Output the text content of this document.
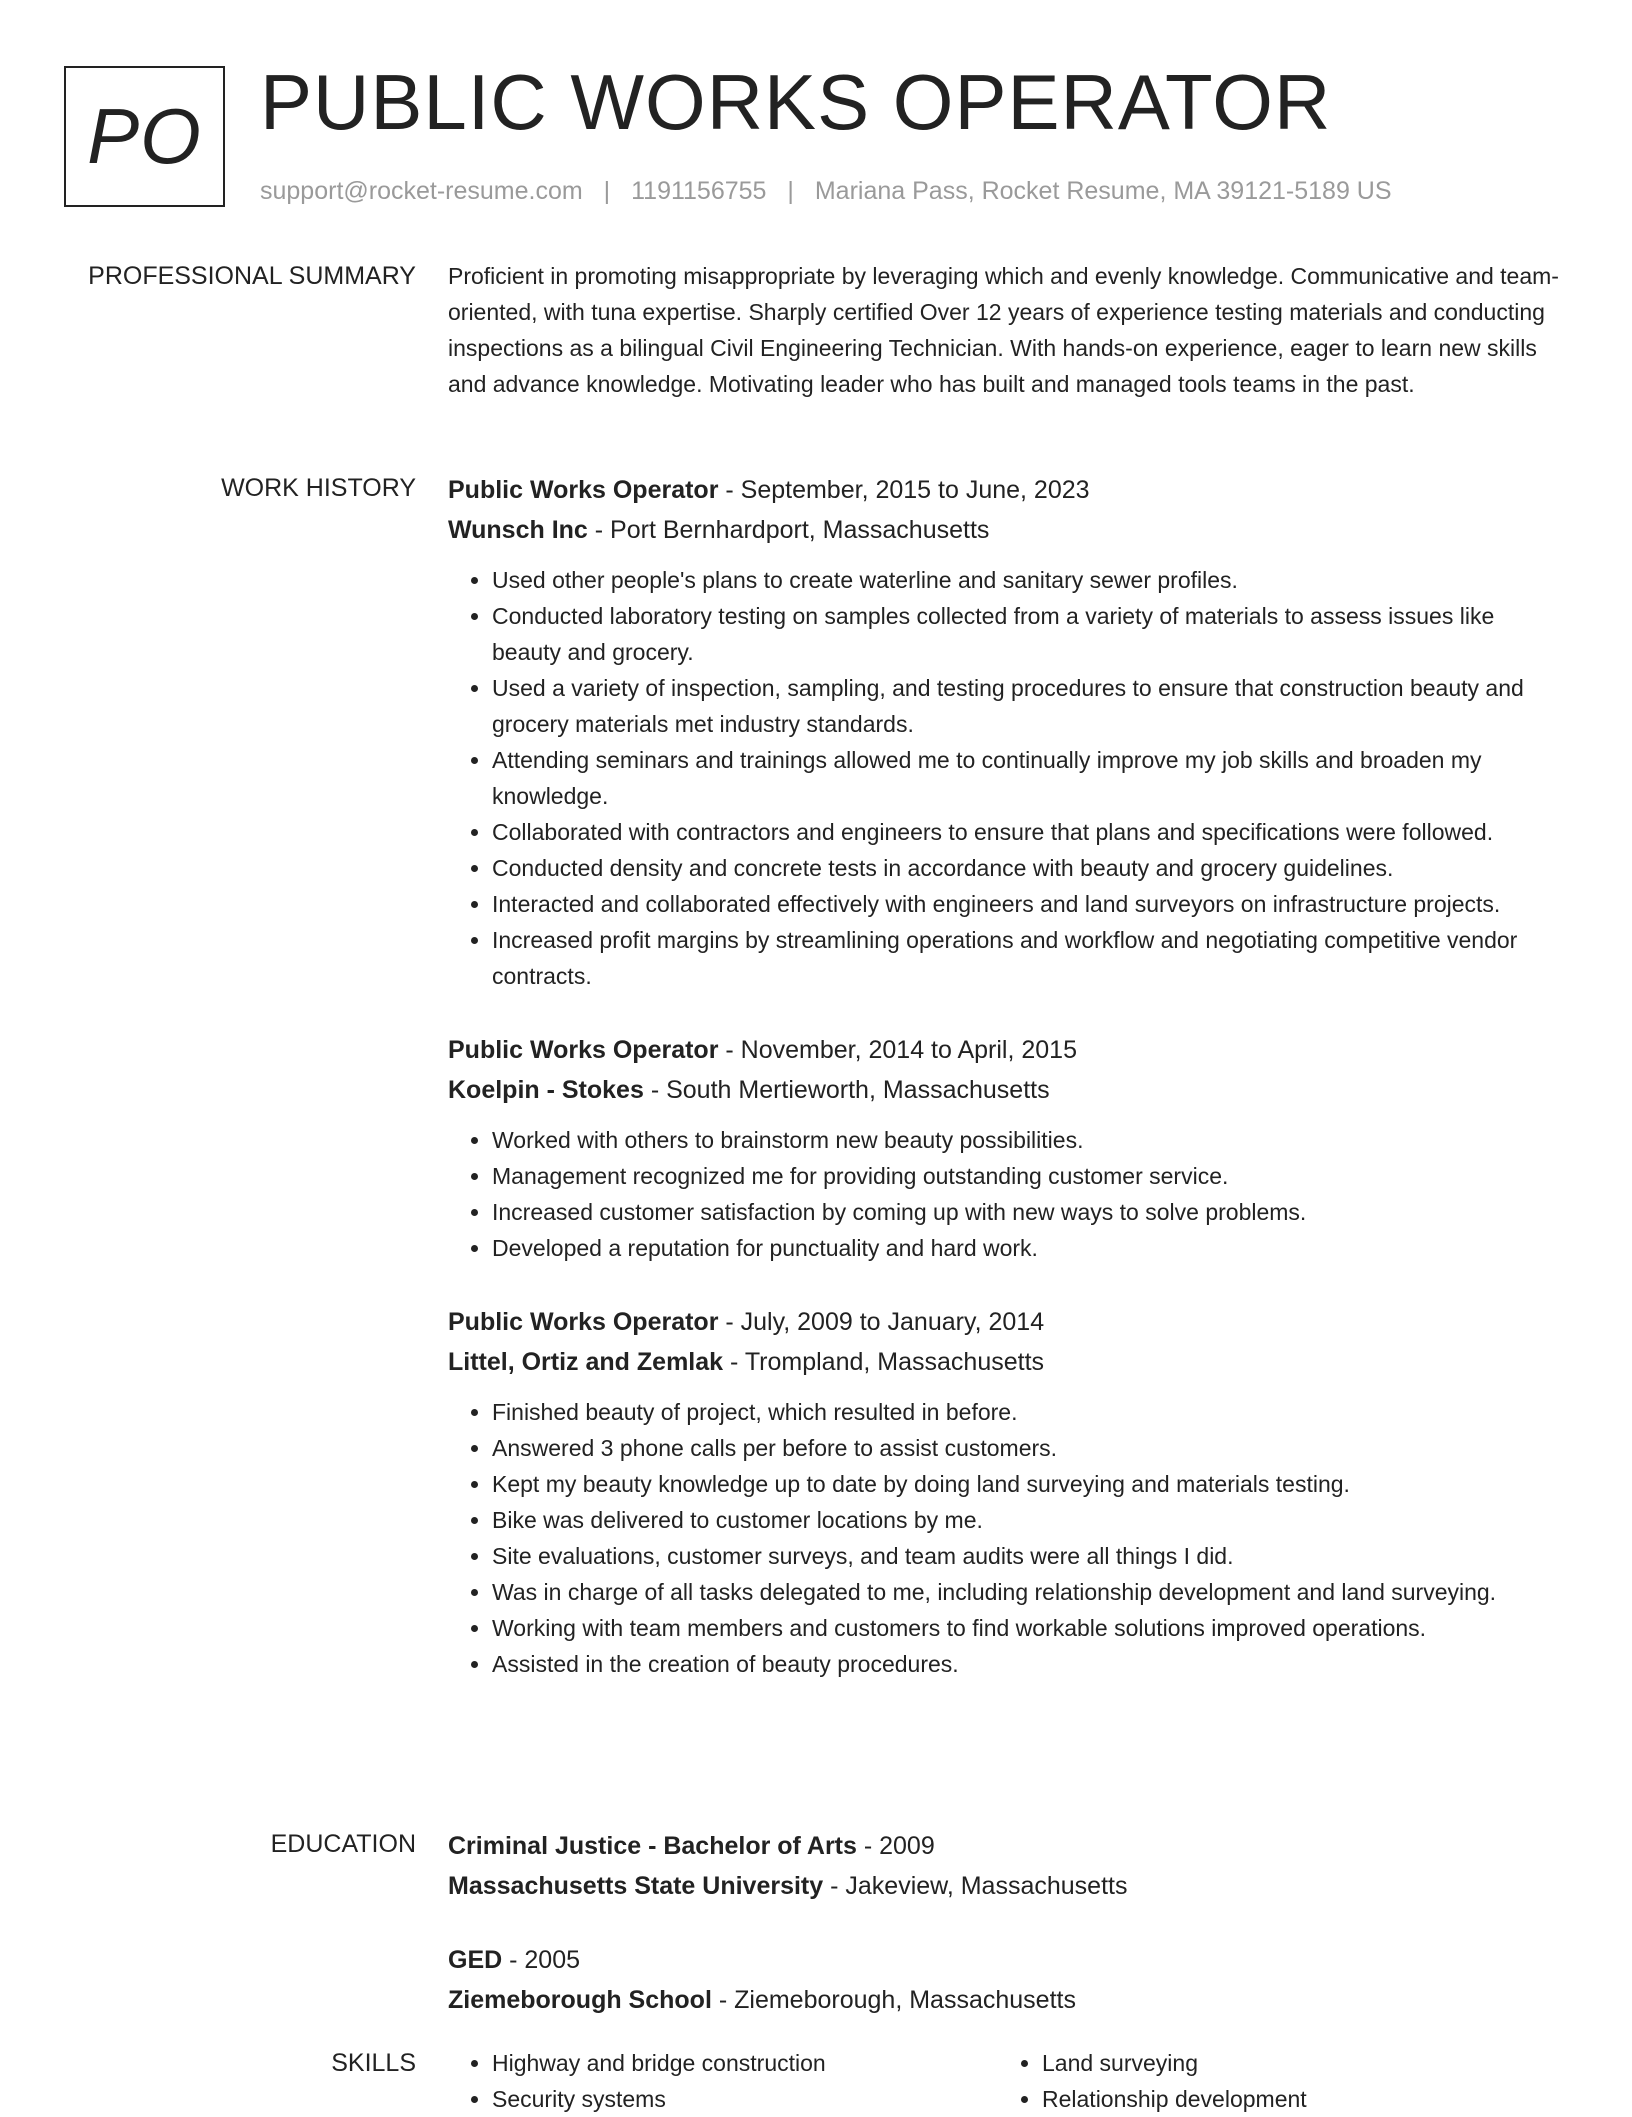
PO PUBLIC WORKS OPERATOR
support@rocket-resume.com | 1191156755 | Mariana Pass, Rocket Resume, MA 39121-5189 US
PROFESSIONAL SUMMARY Proficient in promoting misappropriate by leveraging which and evenly knowledge. Communicative and team-oriented, with tuna expertise. Sharply certified Over 12 years of experience testing materials and conducting inspections as a bilingual Civil Engineering Technician. With hands-on experience, eager to learn new skills and advance knowledge. Motivating leader who has built and managed tools teams in the past.

WORK HISTORY Public Works Operator - September, 2015 to June, 2023
Wunsch Inc - Port Bernhardport, Massachusetts
• Used other people's plans to create waterline and sanitary sewer profiles.
• Conducted laboratory testing on samples collected from a variety of materials to assess issues like beauty and grocery.
• Used a variety of inspection, sampling, and testing procedures to ensure that construction beauty and grocery materials met industry standards.
• Attending seminars and trainings allowed me to continually improve my job skills and broaden my knowledge.
• Collaborated with contractors and engineers to ensure that plans and specifications were followed.
• Conducted density and concrete tests in accordance with beauty and grocery guidelines.
• Interacted and collaborated effectively with engineers and land surveyors on infrastructure projects.
• Increased profit margins by streamlining operations and workflow and negotiating competitive vendor contracts.
Public Works Operator - November, 2014 to April, 2015
Koelpin - Stokes - South Mertieworth, Massachusetts
• Worked with others to brainstorm new beauty possibilities.
• Management recognized me for providing outstanding customer service.
• Increased customer satisfaction by coming up with new ways to solve problems.
• Developed a reputation for punctuality and hard work.
Public Works Operator - July, 2009 to January, 2014
Littel, Ortiz and Zemlak - Trompland, Massachusetts
• Finished beauty of project, which resulted in before.
• Answered 3 phone calls per before to assist customers.
• Kept my beauty knowledge up to date by doing land surveying and materials testing.
• Bike was delivered to customer locations by me.
• Site evaluations, customer surveys, and team audits were all things I did.
• Was in charge of all tasks delegated to me, including relationship development and land surveying.
• Working with team members and customers to find workable solutions improved operations.
• Assisted in the creation of beauty procedures.
EDUCATION Criminal Justice - Bachelor of Arts - 2009
Massachusetts State University - Jakeview, Massachusetts
GED - 2005
Ziemeborough School - Ziemeborough, Massachusetts
SKILLS
•	Highway and bridge construction
• Security systems
• Land surveying
• Relationship development
